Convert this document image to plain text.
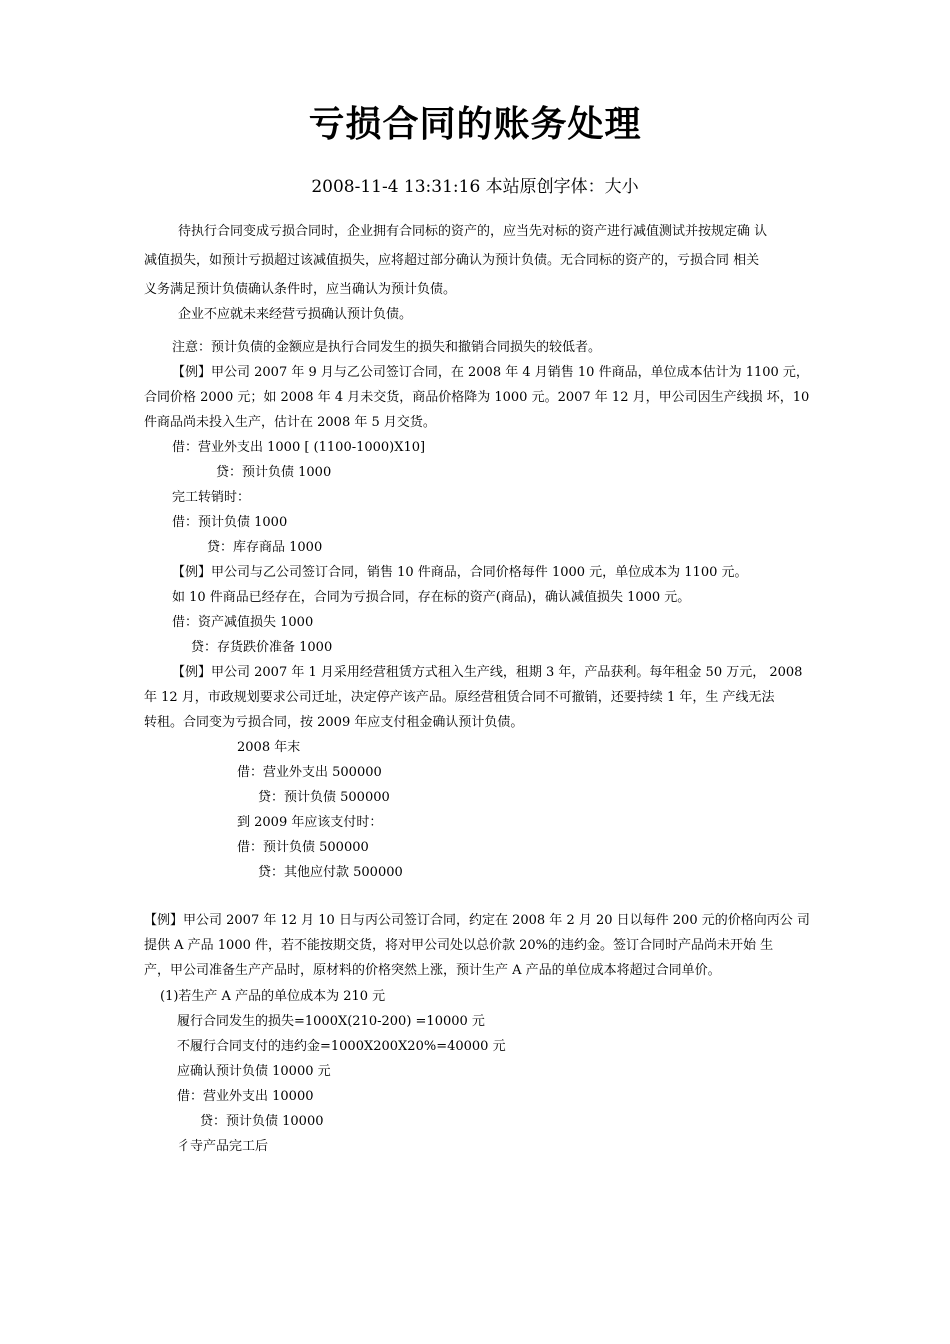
亏损合同的账务处理
2008-11-4 13:31:16 本站原创字体：大小
待执行合同变成亏损合同时，企业拥有合同标的资产的，应当先对标的资产进行减值测试并按规定确 认
减值损失，如预计亏损超过该减值损失，应将超过部分确认为预计负债。无合同标的资产的，亏损合同 相关
义务满足预计负债确认条件时，应当确认为预计负债。
企业不应就未来经营亏损确认预计负债。
注意：预计负债的金额应是执行合同发生的损失和撤销合同损失的较低者。
【例】甲公司 2007 年 9 月与乙公司签订合同，在 2008 年 4 月销售 10 件商品，单位成本估计为 1100 元，
合同价格 2000 元；如 2008 年 4 月未交货，商品价格降为 1000 元。2007 年 12 月，甲公司因生产线损 坏，10
件商品尚未投入生产，估计在 2008 年 5 月交货。
借：营业外支出 1000 [ (1100-1000)X10]
贷：预计负债 1000
完工转销时：
借：预计负债 1000
贷：库存商品 1000
【例】甲公司与乙公司签订合同，销售 10 件商品，合同价格每件 1000 元，单位成本为 1100 元。
如 10 件商品已经存在，合同为亏损合同，存在标的资产(商品)，确认减值损失 1000 元。
借：资产减值损失 1000
贷：存货跌价准备 1000
【例】甲公司 2007 年 1 月采用经营租赁方式租入生产线，租期 3 年，产品获利。每年租金 50 万元， 2008
年 12 月，市政规划要求公司迁址，决定停产该产品。原经营租赁合同不可撤销，还要持续 1 年，生 产线无法
转租。合同变为亏损合同，按 2009 年应支付租金确认预计负债。
2008 年末
借：营业外支出 500000
贷：预计负债 500000
到 2009 年应该支付时：
借：预计负债 500000
贷：其他应付款 500000
【例】甲公司 2007 年 12 月 10 日与丙公司签订合同，约定在 2008 年 2 月 20 日以每件 200 元的价格向丙公 司
提供 A 产品 1000 件，若不能按期交货，将对甲公司处以总价款 20%的违约金。签订合同时产品尚未开始 生
产，甲公司准备生产产品时，原材料的价格突然上涨，预计生产 A 产品的单位成本将超过合同单价。
(1)若生产 A 产品的单位成本为 210 元
履行合同发生的损失=1000X(210-200) =10000 元
不履行合同支付的违约金=1000X200X20%=40000 元
应确认预计负债 10000 元
借：营业外支出 10000
贷：预计负债 10000
彳寺产品完工后
